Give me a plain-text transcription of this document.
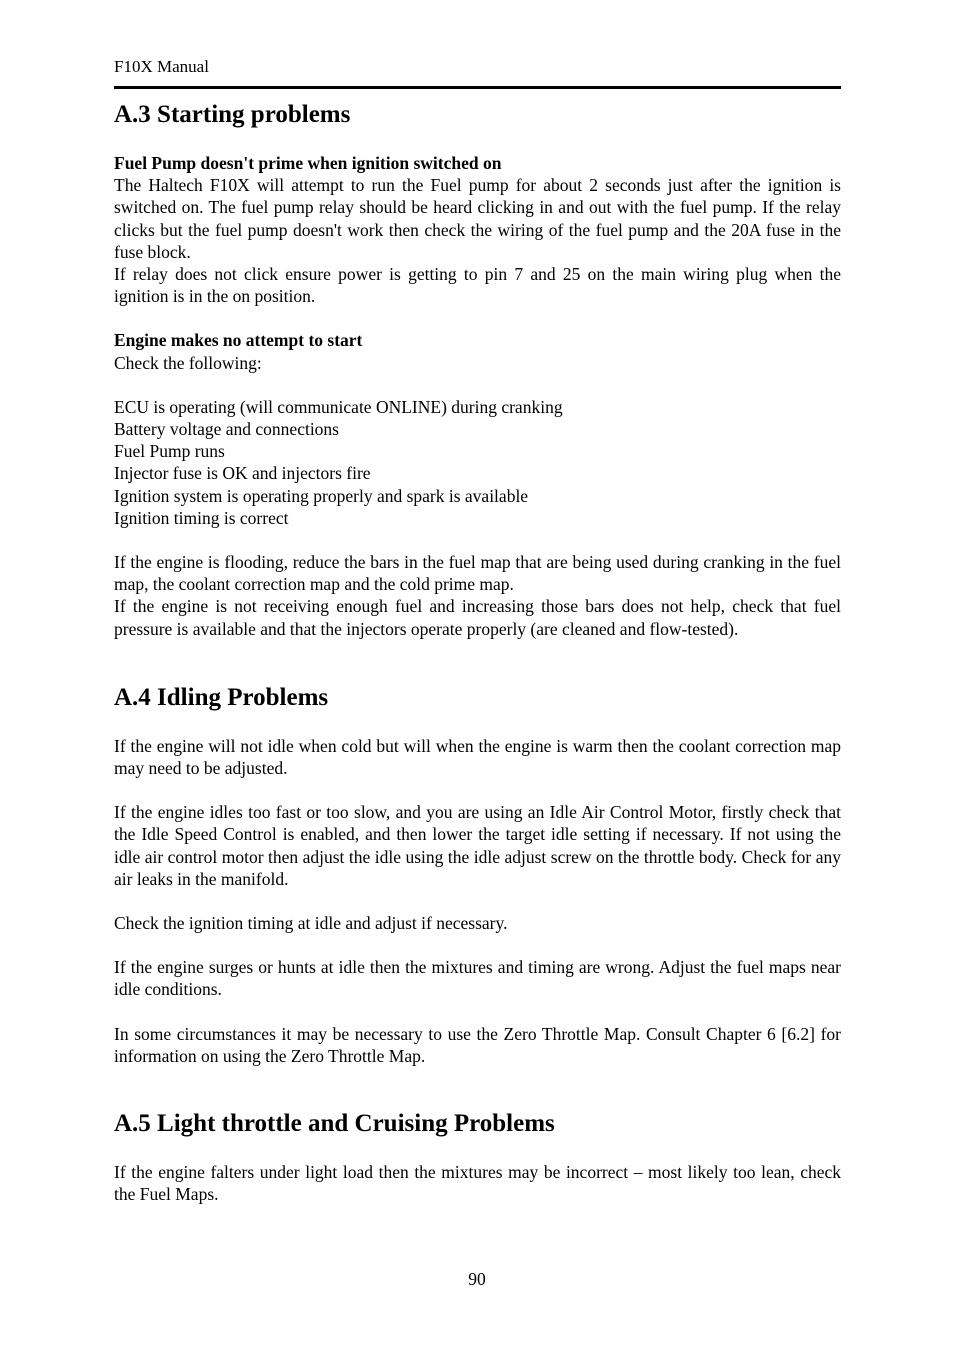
F10X Manual
A.3 Starting problems

Fuel Pump doesn't prime when ignition switched on

The Haltech F10X will attempt to run the Fuel pump for about 2 seconds just after the ignition is switched on. The fuel pump relay should be heard clicking in and out with the fuel pump. If the relay clicks but the fuel pump doesn't work then check the wiring of the fuel pump and the 20A fuse in the fuse block.

If relay does not click ensure power is getting to pin 7 and 25 on the main wiring plug when the ignition is in the on position.

Engine makes no attempt to start

Check the following:

ECU is operating (will communicate ONLINE) during cranking
Battery voltage and connections
Fuel Pump runs
Injector fuse is OK and injectors fire
Ignition system is operating properly and spark is available
Ignition timing is correct

If the engine is flooding, reduce the bars in the fuel map that are being used during cranking in the fuel map, the coolant correction map and the cold prime map.

If the engine is not receiving enough fuel and increasing those bars does not help, check that fuel pressure is available and that the injectors operate properly (are cleaned and flow-tested).

A.4 Idling Problems

If the engine will not idle when cold but will when the engine is warm then the coolant correction map may need to be adjusted.

If the engine idles too fast or too slow, and you are using an Idle Air Control Motor, firstly check that the Idle Speed Control is enabled, and then lower the target idle setting if necessary. If not using the idle air control motor then adjust the idle using the idle adjust screw on the throttle body. Check for any air leaks in the manifold.

Check the ignition timing at idle and adjust if necessary.

If the engine surges or hunts at idle then the mixtures and timing are wrong. Adjust the fuel maps near idle conditions.

In some circumstances it may be necessary to use the Zero Throttle Map. Consult Chapter 6 [6.2] for information on using the Zero Throttle Map.

A.5 Light throttle and Cruising Problems

If the engine falters under light load then the mixtures may be incorrect – most likely too lean, check the Fuel Maps.

90
